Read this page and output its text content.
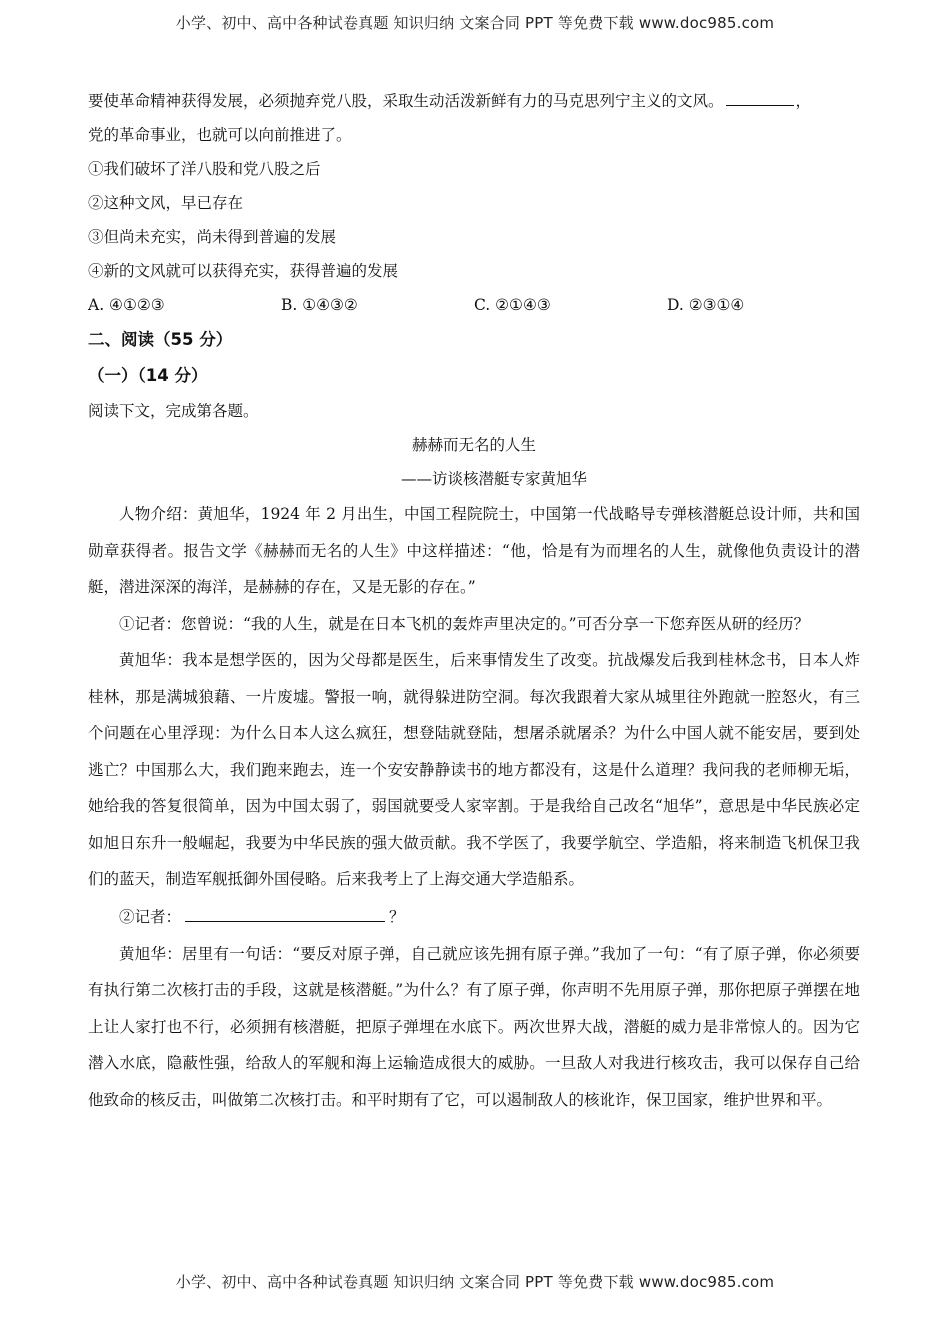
小学、初中、高中各种试卷真题 知识归纳 文案合同 PPT 等免费下载 www.doc985.com
要使革命精神获得发展，必须抛弃党八股，采取生动活泼新鲜有力的马克思列宁主义的文风。	，
党的革命事业，也就可以向前推进了。
①我们破坏了洋八股和党八股之后
②这种文风，早已存在
③但尚未充实，尚未得到普遍的发展
④新的文风就可以获得充实，获得普遍的发展
A. ④①②③	B. ①④③②	C. ②①④③	D. ②③①④
二、阅读（55 分）
（一）（14 分）
阅读下文，完成第各题。
赫赫而无名的人生
——访谈核潜艇专家黄旭华

人物介绍：黄旭华，1924 年 2 月出生，中国工程院院士，中国第一代战略导专弹核潜艇总设计师，共和国勋章获得者。报告文学《赫赫而无名的人生》中这样描述：“他，恰是有为而埋名的人生，就像他负责设计的潜艇，潜进深深的海洋，是赫赫的存在，又是无影的存在。”

①记者：您曾说：“我的人生，就是在日本飞机的轰炸声里决定的。”可否分享一下您弃医从研的经历？

黄旭华：我本是想学医的，因为父母都是医生，后来事情发生了改变。抗战爆发后我到桂林念书，日本人炸桂林，那是满城狼藉、一片废墟。警报一响，就得躲进防空洞。每次我跟着大家从城里往外跑就一腔怒火，有三个问题在心里浮现：为什么日本人这么疯狂，想登陆就登陆，想屠杀就屠杀？为什么中国人就不能安居，要到处逃亡？中国那么大，我们跑来跑去，连一个安安静静读书的地方都没有，这是什么道理？我问我的老师柳无垢，她给我的答复很简单，因为中国太弱了，弱国就要受人家宰割。于是我给自己改名“旭华”，意思是中华民族必定如旭日东升一般崛起，我要为中华民族的强大做贡献。我不学医了，我要学航空、学造船，将来制造飞机保卫我们的蓝天，制造军舰抵御外国侵略。后来我考上了上海交通大学造船系。

②记者：	？

黄旭华：居里有一句话：“要反对原子弹，自己就应该先拥有原子弹。”我加了一句：“有了原子弹，你必须要有执行第二次核打击的手段，这就是核潜艇。”为什么？有了原子弹，你声明不先用原子弹，那你把原子弹摆在地上让人家打也不行，必须拥有核潜艇，把原子弹埋在水底下。两次世界大战，潜艇的威力是非常惊人的。因为它潜入水底，隐蔽性强，给敌人的军舰和海上运输造成很大的威胁。一旦敌人对我进行核攻击，我可以保存自己给他致命的核反击，叫做第二次核打击。和平时期有了它，可以遏制敌人的核讹诈，保卫国家，维护世界和平。

小学、初中、高中各种试卷真题 知识归纳 文案合同 PPT 等免费下载 www.doc985.com
